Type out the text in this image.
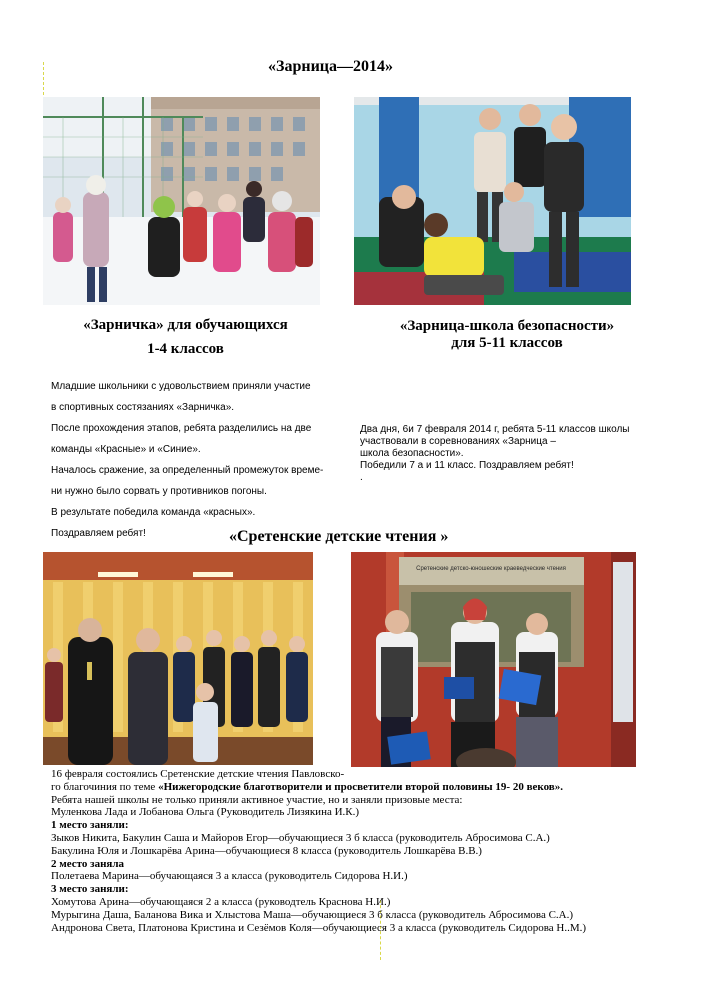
«Зарница—2014»
«Зарничка» для обучающихся
1-4 классов
«Зарница-школа безопасности»
для 5-11 классов

Младшие школьники с удовольствием приняли участие

в спортивных состязаниях «Зарничка».

После прохождения этапов, ребята разделились на две

команды «Красные» и «Синие».

Началось сражение, за определенный промежуток време-

ни нужно было сорвать у противников погоны.

В результате победила команда «красных».

Поздравляем ребят!

Два дня, 6и 7 февраля 2014 г, ребята 5-11 классов школы
участвовали в соревнованиях «Зарница –
школа безопасности».
Победили 7 а и 11 класс. Поздравляем ребят!
.
«Сретенские детские чтения »
Сретенские детско-юношеские краеведческие чтения
16 февраля состоялись Сретенские детские чтения Павловско-
го благочиния по теме «Нижегородские благотворители и просветители второй половины 19- 20 веков».
Ребята нашей школы не только приняли активное участие, но и заняли призовые места:
Муленкова Лада и Лобанова Ольга (Руководитель Лизякина И.К.)
1 место заняли:
Зыков Никита, Бакулин Саша и Майоров Егор—обучающиеся 3 б класса (руководитель Абросимова С.А.)
Бакулина Юля и Лошкарёва Арина—обучающиеся 8 класса (руководитель Лошкарёва В.В.)
2 место заняла
Полетаева Марина—обучающаяся 3 а класса (руководитель Сидорова Н.И.)
3 место заняли:
Хомутова Арина—обучающаяся 2 а класса (руководтель Краснова Н.И.)
Мурыгина Даша, Баланова Вика и Хлыстова Маша—обучающиеся 3 б класса (руководитель Абросимова С.А.)
Андронова Света, Платонова Кристина и Сезёмов Коля—обучающиеся 3 а класса (руководитель Сидорова Н..М.)
